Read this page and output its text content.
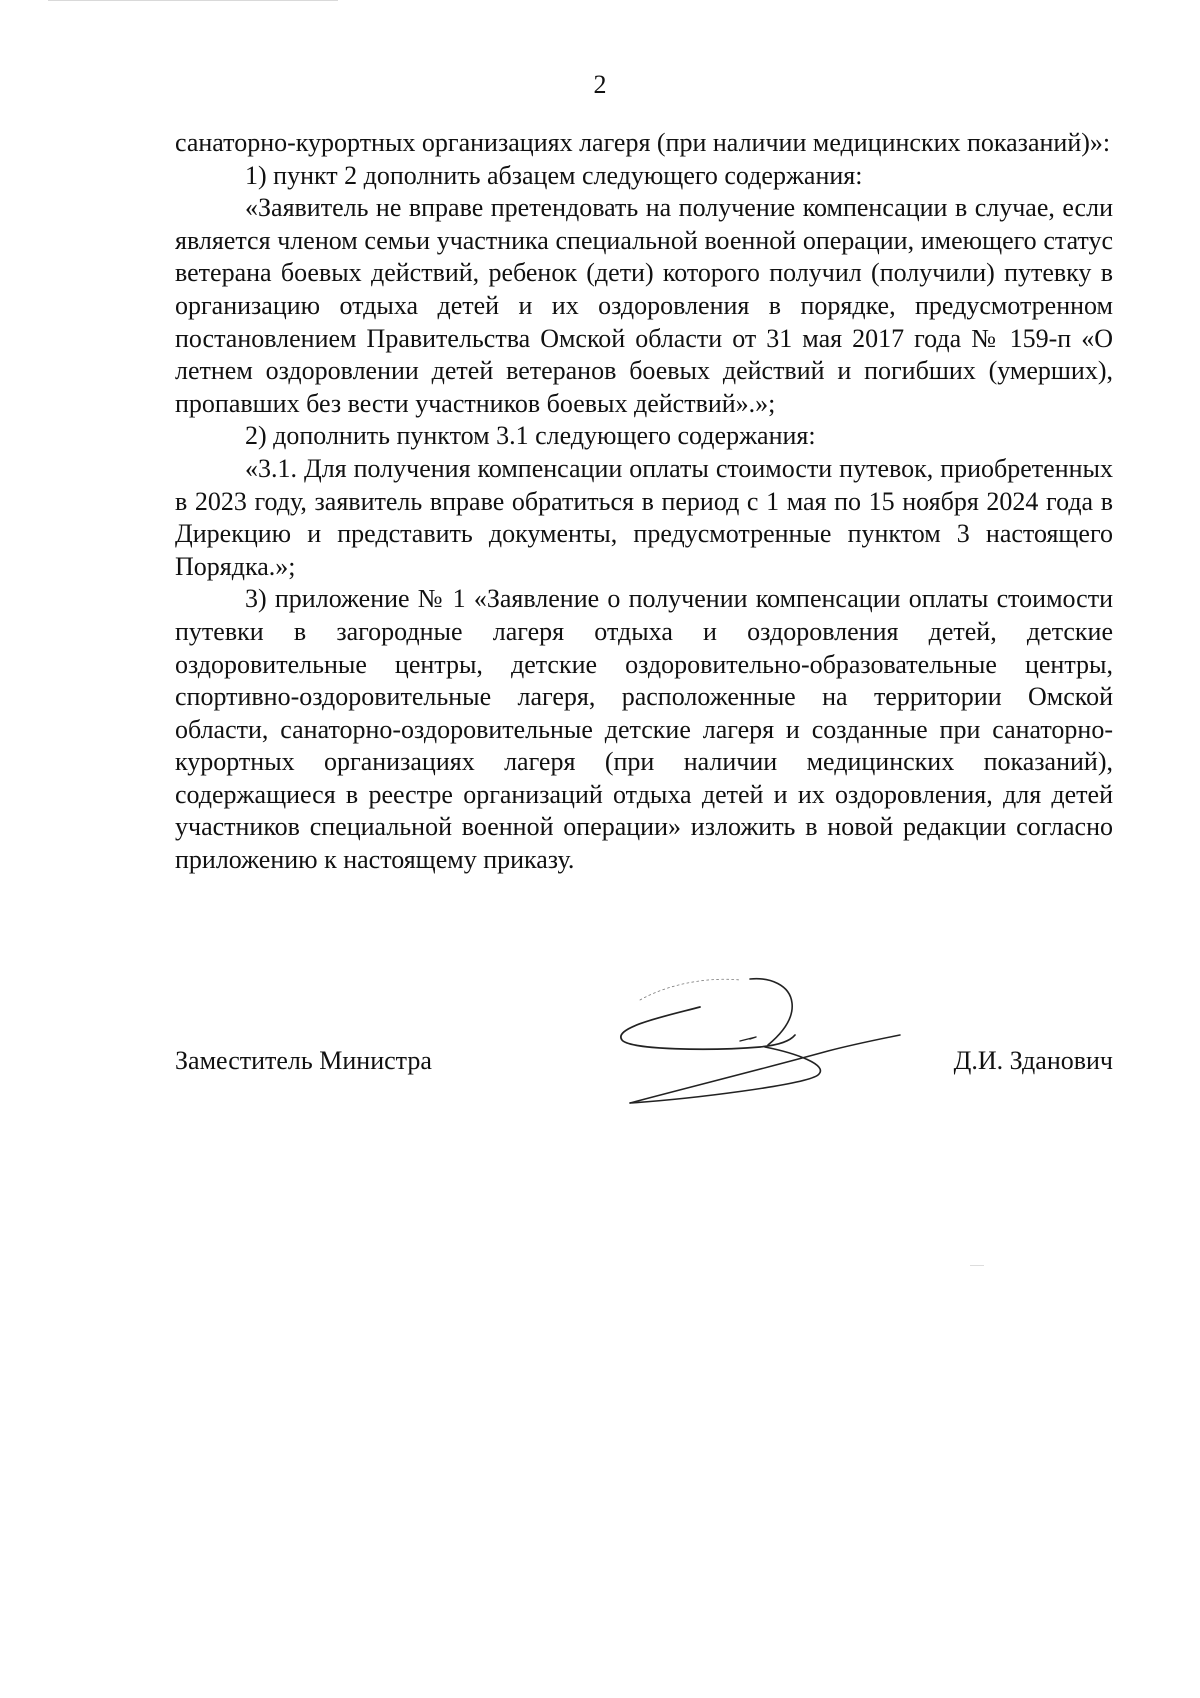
2

санаторно-курортных организациях лагеря (при наличии медицинских показаний)»:

1) пункт 2 дополнить абзацем следующего содержания:

«Заявитель не вправе претендовать на получение компенсации в случае, если является членом семьи участника специальной военной операции, имеющего статус ветерана боевых действий, ребенок (дети) которого получил (получили) путевку в организацию отдыха детей и их оздоровления в порядке, предусмотренном постановлением Правительства Омской области от 31 мая 2017 года № 159-п «О летнем оздоровлении детей ветеранов боевых действий и погибших (умерших), пропавших без вести участников боевых действий».»;

2) дополнить пунктом 3.1 следующего содержания:

«3.1. Для получения компенсации оплаты стоимости путевок, приобретенных в 2023 году, заявитель вправе обратиться в период с 1 мая по 15 ноября 2024 года в Дирекцию и представить документы, предусмотренные пунктом 3 настоящего Порядка.»;

3) приложение № 1 «Заявление о получении компенсации оплаты стоимости путевки в загородные лагеря отдыха и оздоровления детей, детские оздоровительные центры, детские оздоровительно-образовательные центры, спортивно-оздоровительные лагеря, расположенные на территории Омской области, санаторно-оздоровительные детские лагеря и созданные при санаторно-курортных организациях лагеря (при наличии медицинских показаний), содержащиеся в реестре организаций отдыха детей и их оздоровления, для детей участников специальной военной операции» изложить в новой редакции согласно приложению к настоящему приказу.

Заместитель Министра	Д.И. Зданович
